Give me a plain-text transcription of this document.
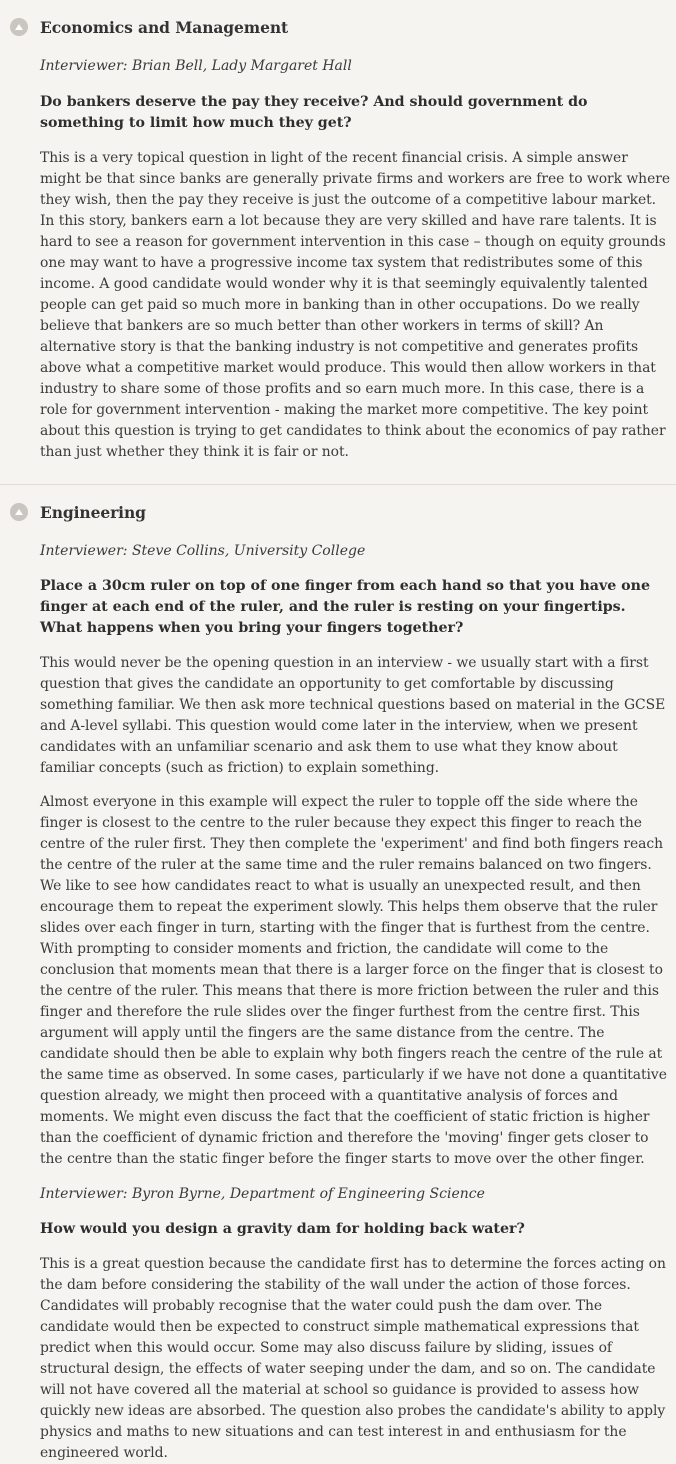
Economics and Management

Interviewer: Brian Bell, Lady Margaret Hall

Do bankers deserve the pay they receive? And should government do something to limit how much they get?

This is a very topical question in light of the recent financial crisis. A simple answer might be that since banks are generally private firms and workers are free to work where they wish, then the pay they receive is just the outcome of a competitive labour market. In this story, bankers earn a lot because they are very skilled and have rare talents. It is hard to see a reason for government intervention in this case – though on equity grounds one may want to have a progressive income tax system that redistributes some of this income. A good candidate would wonder why it is that seemingly equivalently talented people can get paid so much more in banking than in other occupations. Do we really believe that bankers are so much better than other workers in terms of skill? An alternative story is that the banking industry is not competitive and generates profits above what a competitive market would produce. This would then allow workers in that industry to share some of those profits and so earn much more. In this case, there is a role for government intervention - making the market more competitive. The key point about this question is trying to get candidates to think about the economics of pay rather than just whether they think it is fair or not.

Engineering

Interviewer: Steve Collins, University College

Place a 30cm ruler on top of one finger from each hand so that you have one finger at each end of the ruler, and the ruler is resting on your fingertips. What happens when you bring your fingers together?

This would never be the opening question in an interview - we usually start with a first question that gives the candidate an opportunity to get comfortable by discussing something familiar. We then ask more technical questions based on material in the GCSE and A-level syllabi. This question would come later in the interview, when we present candidates with an unfamiliar scenario and ask them to use what they know about familiar concepts (such as friction) to explain something.

Almost everyone in this example will expect the ruler to topple off the side where the finger is closest to the centre to the ruler because they expect this finger to reach the centre of the ruler first. They then complete the 'experiment' and find both fingers reach the centre of the ruler at the same time and the ruler remains balanced on two fingers. We like to see how candidates react to what is usually an unexpected result, and then encourage them to repeat the experiment slowly. This helps them observe that the ruler slides over each finger in turn, starting with the finger that is furthest from the centre. With prompting to consider moments and friction, the candidate will come to the conclusion that moments mean that there is a larger force on the finger that is closest to the centre of the ruler. This means that there is more friction between the ruler and this finger and therefore the rule slides over the finger furthest from the centre first. This argument will apply until the fingers are the same distance from the centre. The candidate should then be able to explain why both fingers reach the centre of the rule at the same time as observed. In some cases, particularly if we have not done a quantitative question already, we might then proceed with a quantitative analysis of forces and moments. We might even discuss the fact that the coefficient of static friction is higher than the coefficient of dynamic friction and therefore the 'moving' finger gets closer to the centre than the static finger before the finger starts to move over the other finger.

Interviewer: Byron Byrne, Department of Engineering Science

How would you design a gravity dam for holding back water?

This is a great question because the candidate first has to determine the forces acting on the dam before considering the stability of the wall under the action of those forces. Candidates will probably recognise that the water could push the dam over. The candidate would then be expected to construct simple mathematical expressions that predict when this would occur. Some may also discuss failure by sliding, issues of structural design, the effects of water seeping under the dam, and so on. The candidate will not have covered all the material at school so guidance is provided to assess how quickly new ideas are absorbed. The question also probes the candidate's ability to apply physics and maths to new situations and can test interest in and enthusiasm for the engineered world.
